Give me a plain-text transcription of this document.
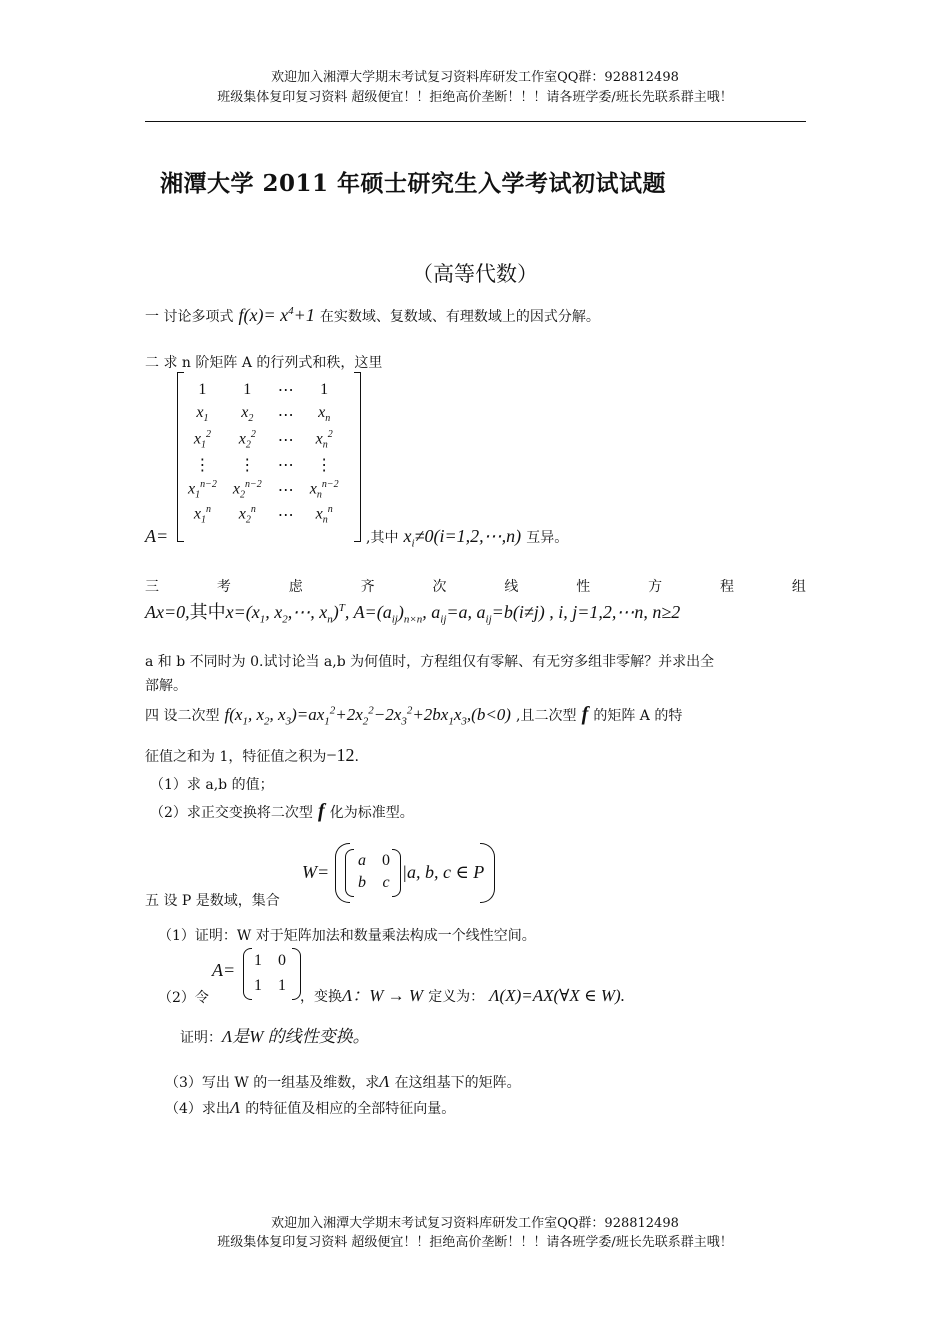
欢迎加入湘潭大学期末考试复习资料库研发工作室QQ群：928812498
班级集体复印复习资料 超级便宜！！拒绝高价垄断！！！请各班学委/班长先联系群主哦！
湘潭大学 2011 年硕士研究生入学考试初试试题
（高等代数）
一 讨论多项式 $f(x)= x^4+1$ 在实数域、复数域、有理数域上的因式分解。
二 求 n 阶矩阵 A 的行列式和秩，这里
A=
1	1	⋯	1
$x_1$	$x_2$	⋯	$x_n$
$x_1^2$	$x_2^2$	⋯	$x_n^2$
⋮	⋮	⋯	⋮
$x_1^{n-2}$	$x_2^{n-2}$	⋯	$x_n^{n-2}$
$x_1^n$	$x_2^n$	⋯	$x_n^n$
,其中 $x_i\ne 0(i=1,2,\cdots,n)$ 互异。
三	考	虑	齐	次	线	性	方	程	组
Ax=0,其中$x=(x_1$, $x_2,\cdots$, $x_n)^T$, $A=(a_{ij})_{n\times n}$, $a_{ij}=a$, $a_{ij}=b(i\ne j)$ , i, j=1,2,⋯n, n≥2
a 和 b 不同时为 0.试讨论当 a,b 为何值时，方程组仅有零解、有无穷多组非零解？并求出全
部解。
四 设二次型 $f(x_1$, $x_2$, $x_3)=ax_1^2+2x_2^2-2x_3^2+2bx_1x_3,(b<0)$ ,且二次型 f 的矩阵 A 的特
征值之和为 1，特征值之积为−12.
（1）求 a,b 的值；
（2）求正交变换将二次型 f 化为标准型。
五 设 P 是数域，集合
W=
a	0
b	c
|a, b, c ∈ P
（1）证明：W 对于矩阵加法和数量乘法构成一个线性空间。
（2）令
A= 1	0
1	1
，变换Λ：W → W 定义为： Λ(X)=AX(∀X ∈ W).
证明：Λ是W 的线性变换。
（3）写出 W 的一组基及维数，求Λ 在这组基下的矩阵。
（4）求出Λ 的特征值及相应的全部特征向量。
欢迎加入湘潭大学期末考试复习资料库研发工作室QQ群：928812498
班级集体复印复习资料 超级便宜！！拒绝高价垄断！！！请各班学委/班长先联系群主哦！
